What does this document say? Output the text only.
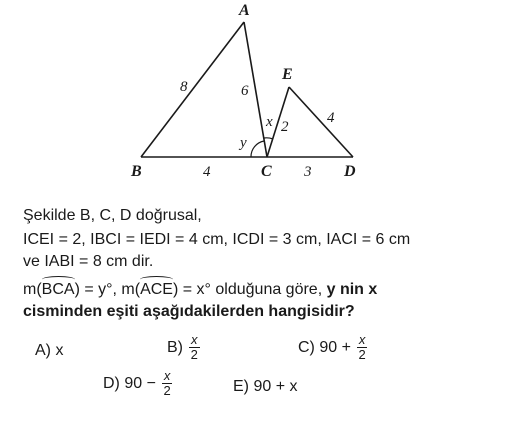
A
B	C	D
E
8	6
4	3
2
4
x
y
Şekilde B, C, D doğrusal,
ICEI = 2, IBCI = IEDI = 4 cm, ICDI = 3 cm, IACI = 6 cm
ve IABI = 8 cm dir.
m(BCA) = y°, m(ACE) = x° olduğuna göre, y nin x
cisminden eşiti aşağıdakilerden hangisidir?
A) x	$B) \frac{x}{2}$	C) $90 + \frac{x}{2}$
D) $90 - \frac{x}{2}$	E) 90 + x
